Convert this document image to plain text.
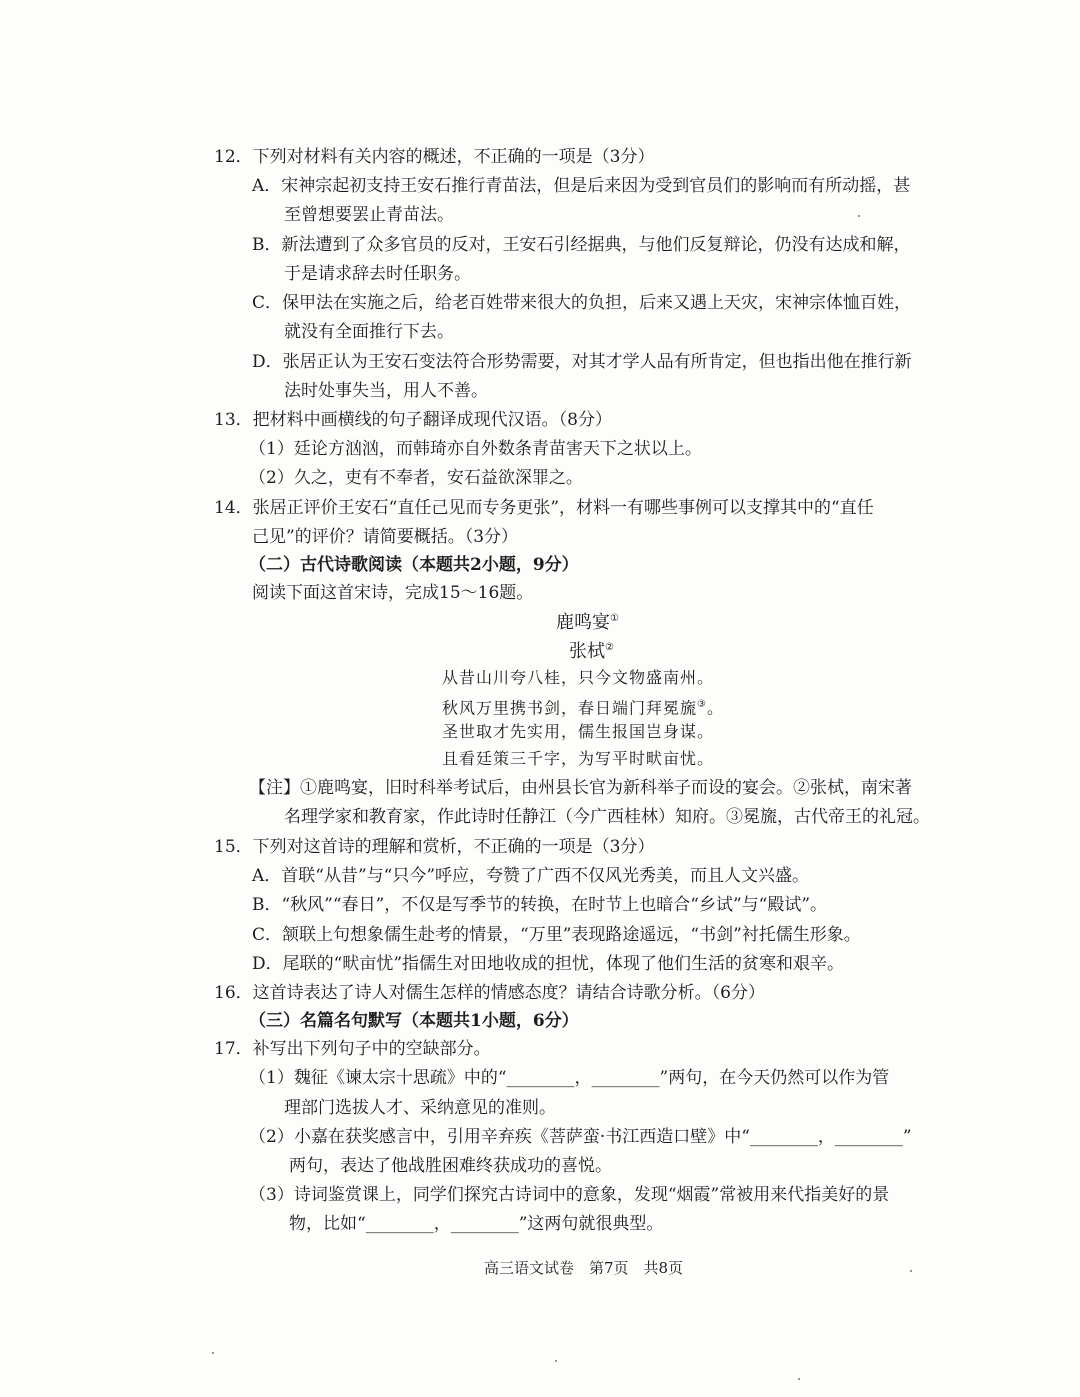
12．下列对材料有关内容的概述，不正确的一项是（3分）
A．宋神宗起初支持王安石推行青苗法，但是后来因为受到官员们的影响而有所动摇，甚
至曾想要罢止青苗法。
B．新法遭到了众多官员的反对，王安石引经据典，与他们反复辩论，仍没有达成和解，
于是请求辞去时任职务。
C．保甲法在实施之后，给老百姓带来很大的负担，后来又遇上天灾，宋神宗体恤百姓，
就没有全面推行下去。
D．张居正认为王安石变法符合形势需要，对其才学人品有所肯定，但也指出他在推行新
法时处事失当，用人不善。
13．把材料中画横线的句子翻译成现代汉语。（8分）
（1）廷论方汹汹，而韩琦亦自外数条青苗害天下之状以上。
（2）久之，吏有不奉者，安石益欲深罪之。
14．张居正评价王安石“直任己见而专务更张”，材料一有哪些事例可以支撑其中的“直任
己见”的评价？请简要概括。（3分）
（二）古代诗歌阅读（本题共2小题，9分）
阅读下面这首宋诗，完成15～16题。
鹿鸣宴①
张栻②
从昔山川夸八桂，只今文物盛南州。
秋风万里携书剑，春日端门拜冕旒③。
圣世取才先实用，儒生报国岂身谋。
且看廷策三千字，为写平时畎亩忧。
【注】①鹿鸣宴，旧时科举考试后，由州县长官为新科举子而设的宴会。②张栻，南宋著
名理学家和教育家，作此诗时任静江（今广西桂林）知府。③冕旒，古代帝王的礼冠。
15．下列对这首诗的理解和赏析，不正确的一项是（3分）
A．首联“从昔”与“只今”呼应，夸赞了广西不仅风光秀美，而且人文兴盛。
B．“秋风”“春日”，不仅是写季节的转换，在时节上也暗合“乡试”与“殿试”。
C．颔联上句想象儒生赴考的情景，“万里”表现路途遥远，“书剑”衬托儒生形象。
D．尾联的“畎亩忧”指儒生对田地收成的担忧，体现了他们生活的贫寒和艰辛。
16．这首诗表达了诗人对儒生怎样的情感态度？请结合诗歌分析。（6分）
（三）名篇名句默写（本题共1小题，6分）
17．补写出下列句子中的空缺部分。
（1）魏征《谏太宗十思疏》中的“________，________”两句，在今天仍然可以作为管
理部门选拔人才、采纳意见的准则。
（2）小嘉在获奖感言中，引用辛弃疾《菩萨蛮·书江西造口壁》中“________，________”
两句，表达了他战胜困难终获成功的喜悦。
（3）诗词鉴赏课上，同学们探究古诗词中的意象，发现“烟霞”常被用来代指美好的景
物，比如“________，________”这两句就很典型。
高三语文试卷　第7页　共8页
